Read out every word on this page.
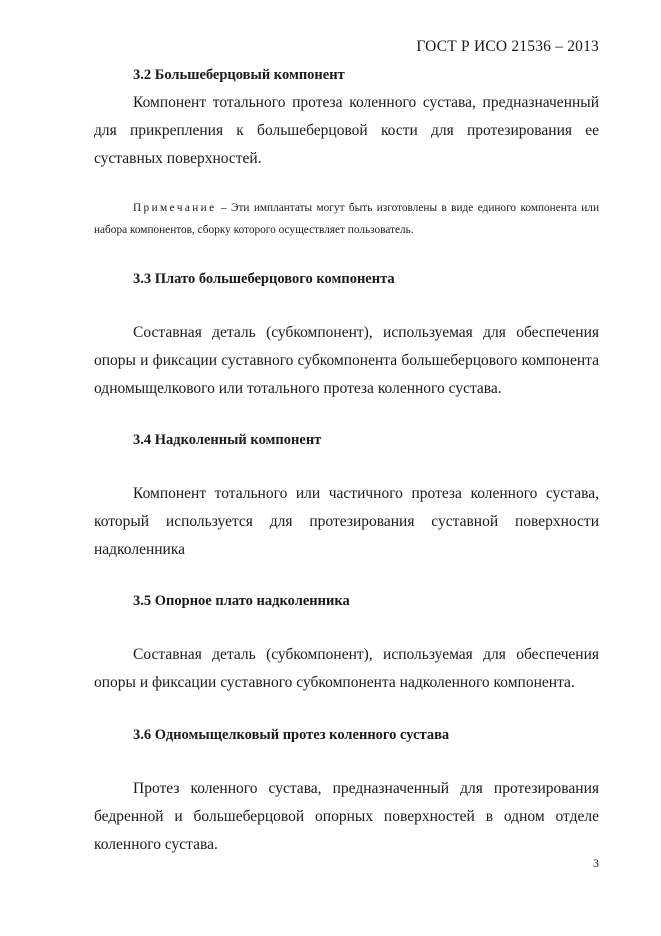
ГОСТ Р ИСО 21536 – 2013
3.2 Большеберцовый компонент
Компонент тотального протеза коленного сустава, предназначенный для прикрепления к большеберцовой кости для протезирования ее суставных поверхностей.
Примечание – Эти имплантаты могут быть изготовлены в виде единого компонента или набора компонентов, сборку которого осуществляет пользователь.
3.3 Плато большеберцового компонента
Составная деталь (субкомпонент), используемая для обеспечения опоры и фиксации суставного субкомпонента большеберцового компонента одномыщелкового или тотального протеза коленного сустава.
3.4 Надколенный компонент
Компонент тотального или частичного протеза коленного сустава, который используется для протезирования суставной поверхности надколенника
3.5 Опорное плато надколенника
Составная деталь (субкомпонент), используемая для обеспечения опоры и фиксации суставного субкомпонента надколенного компонента.
3.6 Одномыщелковый протез коленного сустава
Протез коленного сустава, предназначенный для протезирования бедренной и большеберцовой опорных поверхностей в одном отделе коленного сустава.
3
